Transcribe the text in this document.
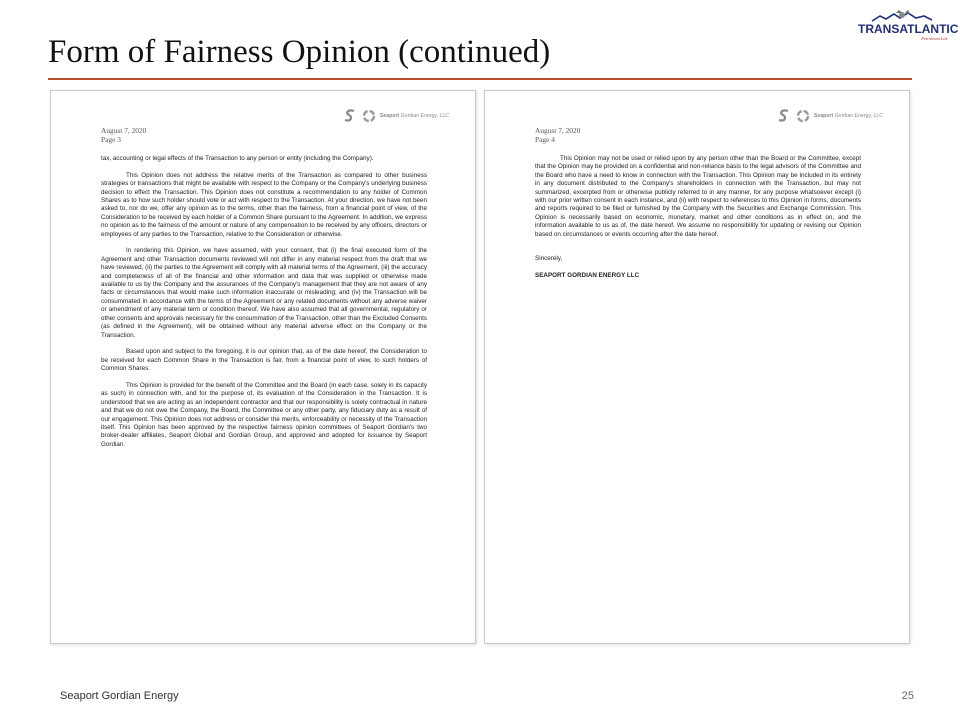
Form of Fairness Opinion (continued)
TRANSATLANTIC
Petroleum Ltd.
Seaport Gordian Energy, LLC
August 7, 2020
Page 3

tax, accounting or legal effects of the Transaction to any person or entity (including the Company).

This Opinion does not address the relative merits of the Transaction as compared to other business strategies or transactions that might be available with respect to the Company or the Company's underlying business decision to effect the Transaction. This Opinion does not constitute a recommendation to any holder of Common Shares as to how such holder should vote or act with respect to the Transaction. At your direction, we have not been asked to, nor do we, offer any opinion as to the terms, other than the fairness, from a financial point of view, of the Consideration to be received by each holder of a Common Share pursuant to the Agreement. In addition, we express no opinion as to the fairness of the amount or nature of any compensation to be received by any officers, directors or employees of any parties to the Transaction, relative to the Consideration or otherwise.

In rendering this Opinion, we have assumed, with your consent, that (i) the final executed form of the Agreement and other Transaction documents reviewed will not differ in any material respect from the draft that we have reviewed, (ii) the parties to the Agreement will comply with all material terms of the Agreement, (iii) the accuracy and completeness of all of the financial and other information and data that was supplied or otherwise made available to us by the Company and the assurances of the Company's management that they are not aware of any facts or circumstances that would make such information inaccurate or misleading; and (iv) the Transaction will be consummated in accordance with the terms of the Agreement or any related documents without any adverse waiver or amendment of any material term or condition thereof. We have also assumed that all governmental, regulatory or other consents and approvals necessary for the consummation of the Transaction, other than the Excluded Consents (as defined in the Agreement), will be obtained without any material adverse effect on the Company or the Transaction.

Based upon and subject to the foregoing, it is our opinion that, as of the date hereof, the Consideration to be received for each Common Share in the Transaction is fair, from a financial point of view, to such holders of Common Shares.

This Opinion is provided for the benefit of the Committee and the Board (in each case, solely in its capacity as such) in connection with, and for the purpose of, its evaluation of the Consideration in the Transaction. It is understood that we are acting as an independent contractor and that our responsibility is solely contractual in nature and that we do not owe the Company, the Board, the Committee or any other party, any fiduciary duty as a result of our engagement. This Opinion does not address or consider the merits, enforceability or necessity of the Transaction itself. This Opinion has been approved by the respective fairness opinion committees of Seaport Gordian's two broker-dealer affiliates, Seaport Global and Gordian Group, and approved and adopted for issuance by Seaport Gordian.

Seaport Gordian Energy, LLC
August 7, 2020
Page 4

This Opinion may not be used or relied upon by any person other than the Board or the Committee, except that the Opinion may be provided on a confidential and non-reliance basis to the legal advisors of the Committee and the Board who have a need to know in connection with the Transaction. This Opinion may be included in its entirety in any document distributed to the Company's shareholders in connection with the Transaction, but may not summarized, excerpted from or otherwise publicly referred to in any manner, for any purpose whatsoever except (i) with our prior written consent in each instance, and (ii) with respect to references to this Opinion in forms, documents and reports required to be filed or furnished by the Company with the Securities and Exchange Commission. This Opinion is necessarily based on economic, monetary, market and other conditions as in effect on, and the information available to us as of, the date hereof. We assume no responsibility for updating or revising our Opinion based on circumstances or events occurring after the date hereof.

Sincerely,

SEAPORT GORDIAN ENERGY LLC

Seaport Gordian Energy	25
